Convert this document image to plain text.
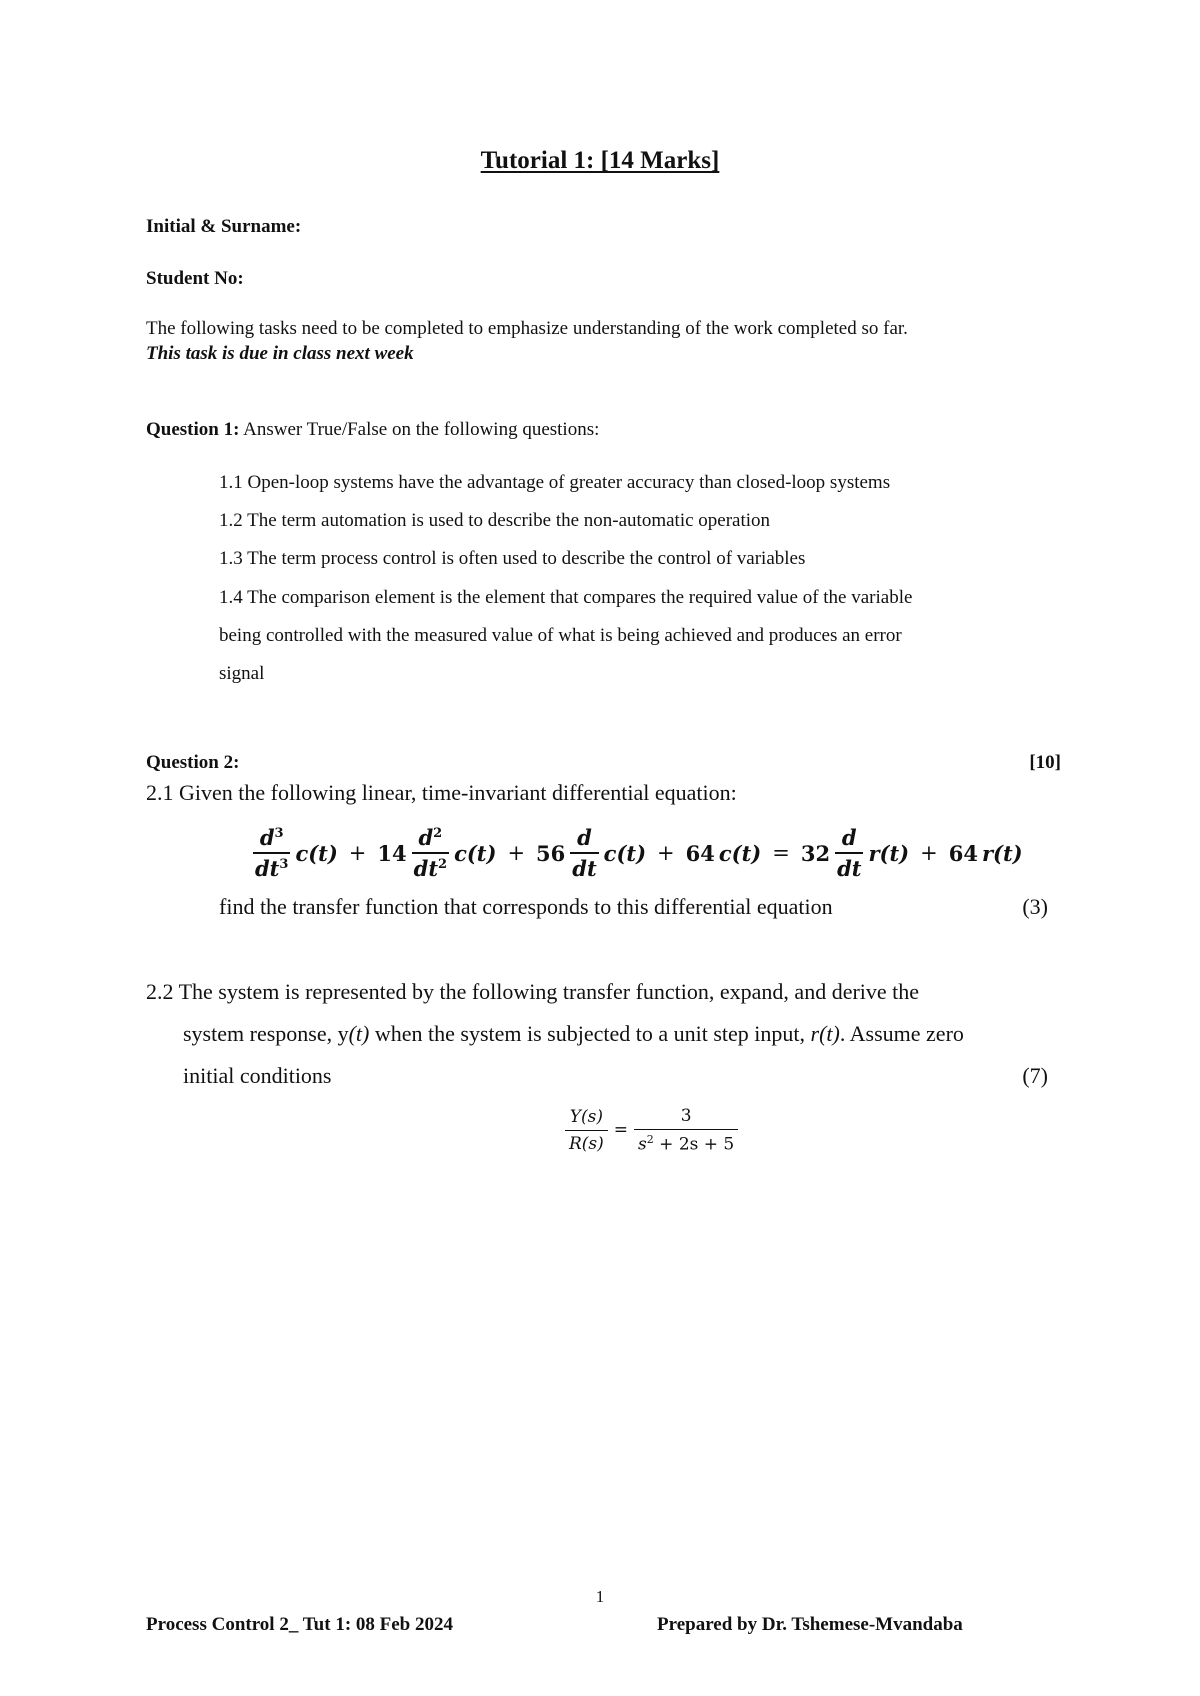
Tutorial 1: [14 Marks]
Initial & Surname:
Student No:
The following tasks need to be completed to emphasize understanding of the work completed so far.
This task is due in class next week
Question 1: Answer True/False on the following questions:
1.1 Open-loop systems have the advantage of greater accuracy than closed-loop systems
1.2 The term automation is used to describe the non-automatic operation
1.3 The term process control is often used to describe the control of variables
1.4 The comparison element is the element that compares the required value of the variable
being controlled with the measured value of what is being achieved and produces an error
signal
Question 2:	[10]
2.1 Given the following linear, time-invariant differential equation:
$\frac{d^3}{dt^3} c(t) + 14 \frac{d^2}{dt^2} c(t) + 56 \frac{d}{dt} c(t) + 64$ $c(t) = 32 \frac{d}{dt} r(t) + 64$ r(t)
find the transfer function that corresponds to this differential equation	(3)
2.2 The system is represented by the following transfer function, expand, and derive the
system response, y(t) when the system is subjected to a unit step input, r(t). Assume zero
initial conditions	(7)
$\frac{Y(s)}{R(s)} = \frac{3}{s^2 + 2s + 5}$
1
Process Control 2_ Tut 1: 08 Feb 2024	Prepared by Dr. Tshemese-Mvandaba
